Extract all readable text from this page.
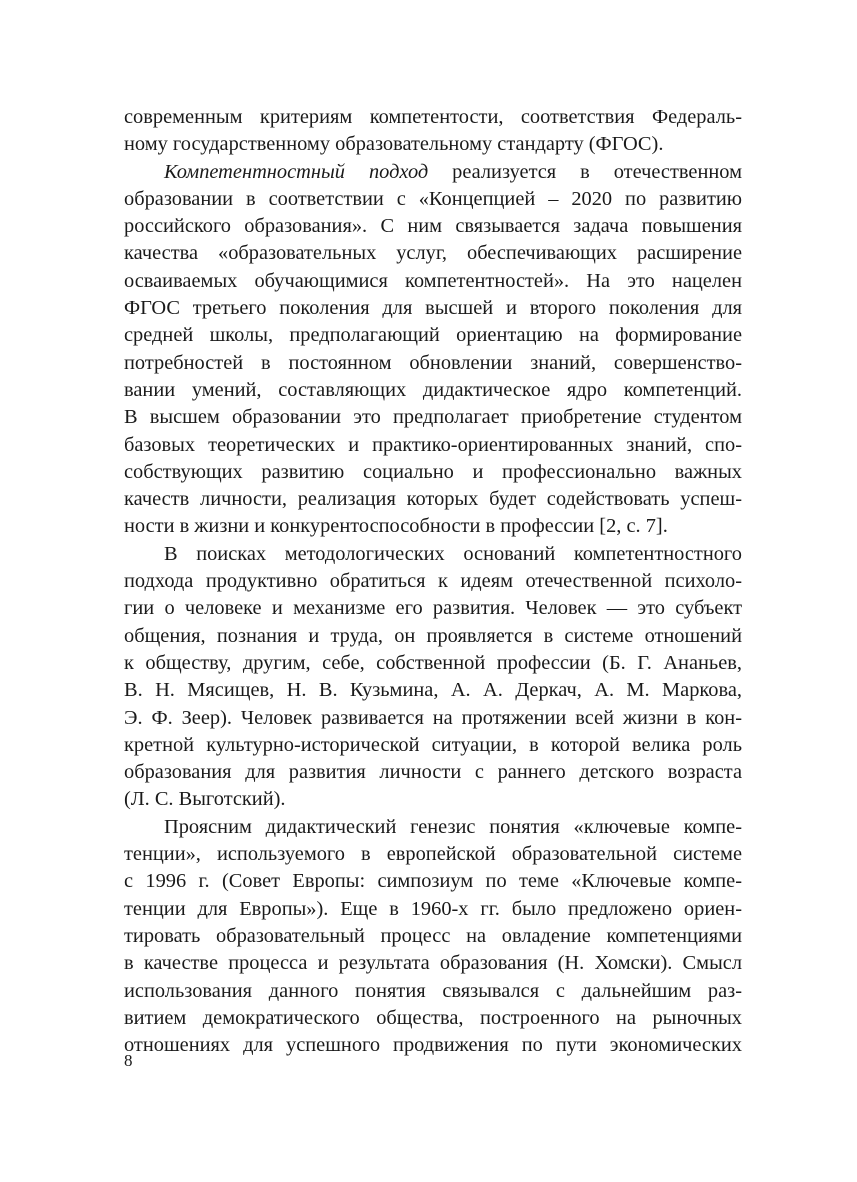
современным критериям компетентости, соответствия Федераль-
ному государственному образовательному стандарту (ФГОС).
Компетентностный подход реализуется в отечественном
образовании в соответствии с «Концепцией – 2020 по развитию
российского образования». С ним связывается задача повышения
качества «образовательных услуг, обеспечивающих расширение
осваиваемых обучающимися компетентностей». На это нацелен
ФГОС третьего поколения для высшей и второго поколения для
средней школы, предполагающий ориентацию на формирование
потребностей в постоянном обновлении знаний, совершенство-
вании умений, составляющих дидактическое ядро компетенций.
В высшем образовании это предполагает приобретение студентом
базовых теоретических и практико-ориентированных знаний, спо-
собствующих развитию социально и профессионально важных
качеств личности, реализация которых будет содействовать успеш-
ности в жизни и конкурентоспособности в профессии [2, с. 7].
В поисках методологических оснований компетентностного
подхода продуктивно обратиться к идеям отечественной психоло-
гии о человеке и механизме его развития. Человек — это субъект
общения, познания и труда, он проявляется в системе отношений
к обществу, другим, себе, собственной профессии (Б. Г. Ананьев,
В. Н. Мясищев, Н. В. Кузьмина, А. А. Деркач, А. М. Маркова,
Э. Ф. Зеер). Человек развивается на протяжении всей жизни в кон-
кретной культурно-исторической ситуации, в которой велика роль
образования для развития личности с раннего детского возраста
(Л. С. Выготский).
Проясним дидактический генезис понятия «ключевые компе-
тенции», используемого в европейской образовательной системе
с 1996 г. (Совет Европы: симпозиум по теме «Ключевые компе-
тенции для Европы»). Еще в 1960-х гг. было предложено ориен-
тировать образовательный процесс на овладение компетенциями
в качестве процесса и результата образования (Н. Хомски). Смысл
использования данного понятия связывался с дальнейшим раз-
витием демократического общества, построенного на рыночных
отношениях для успешного продвижения по пути экономических
8
